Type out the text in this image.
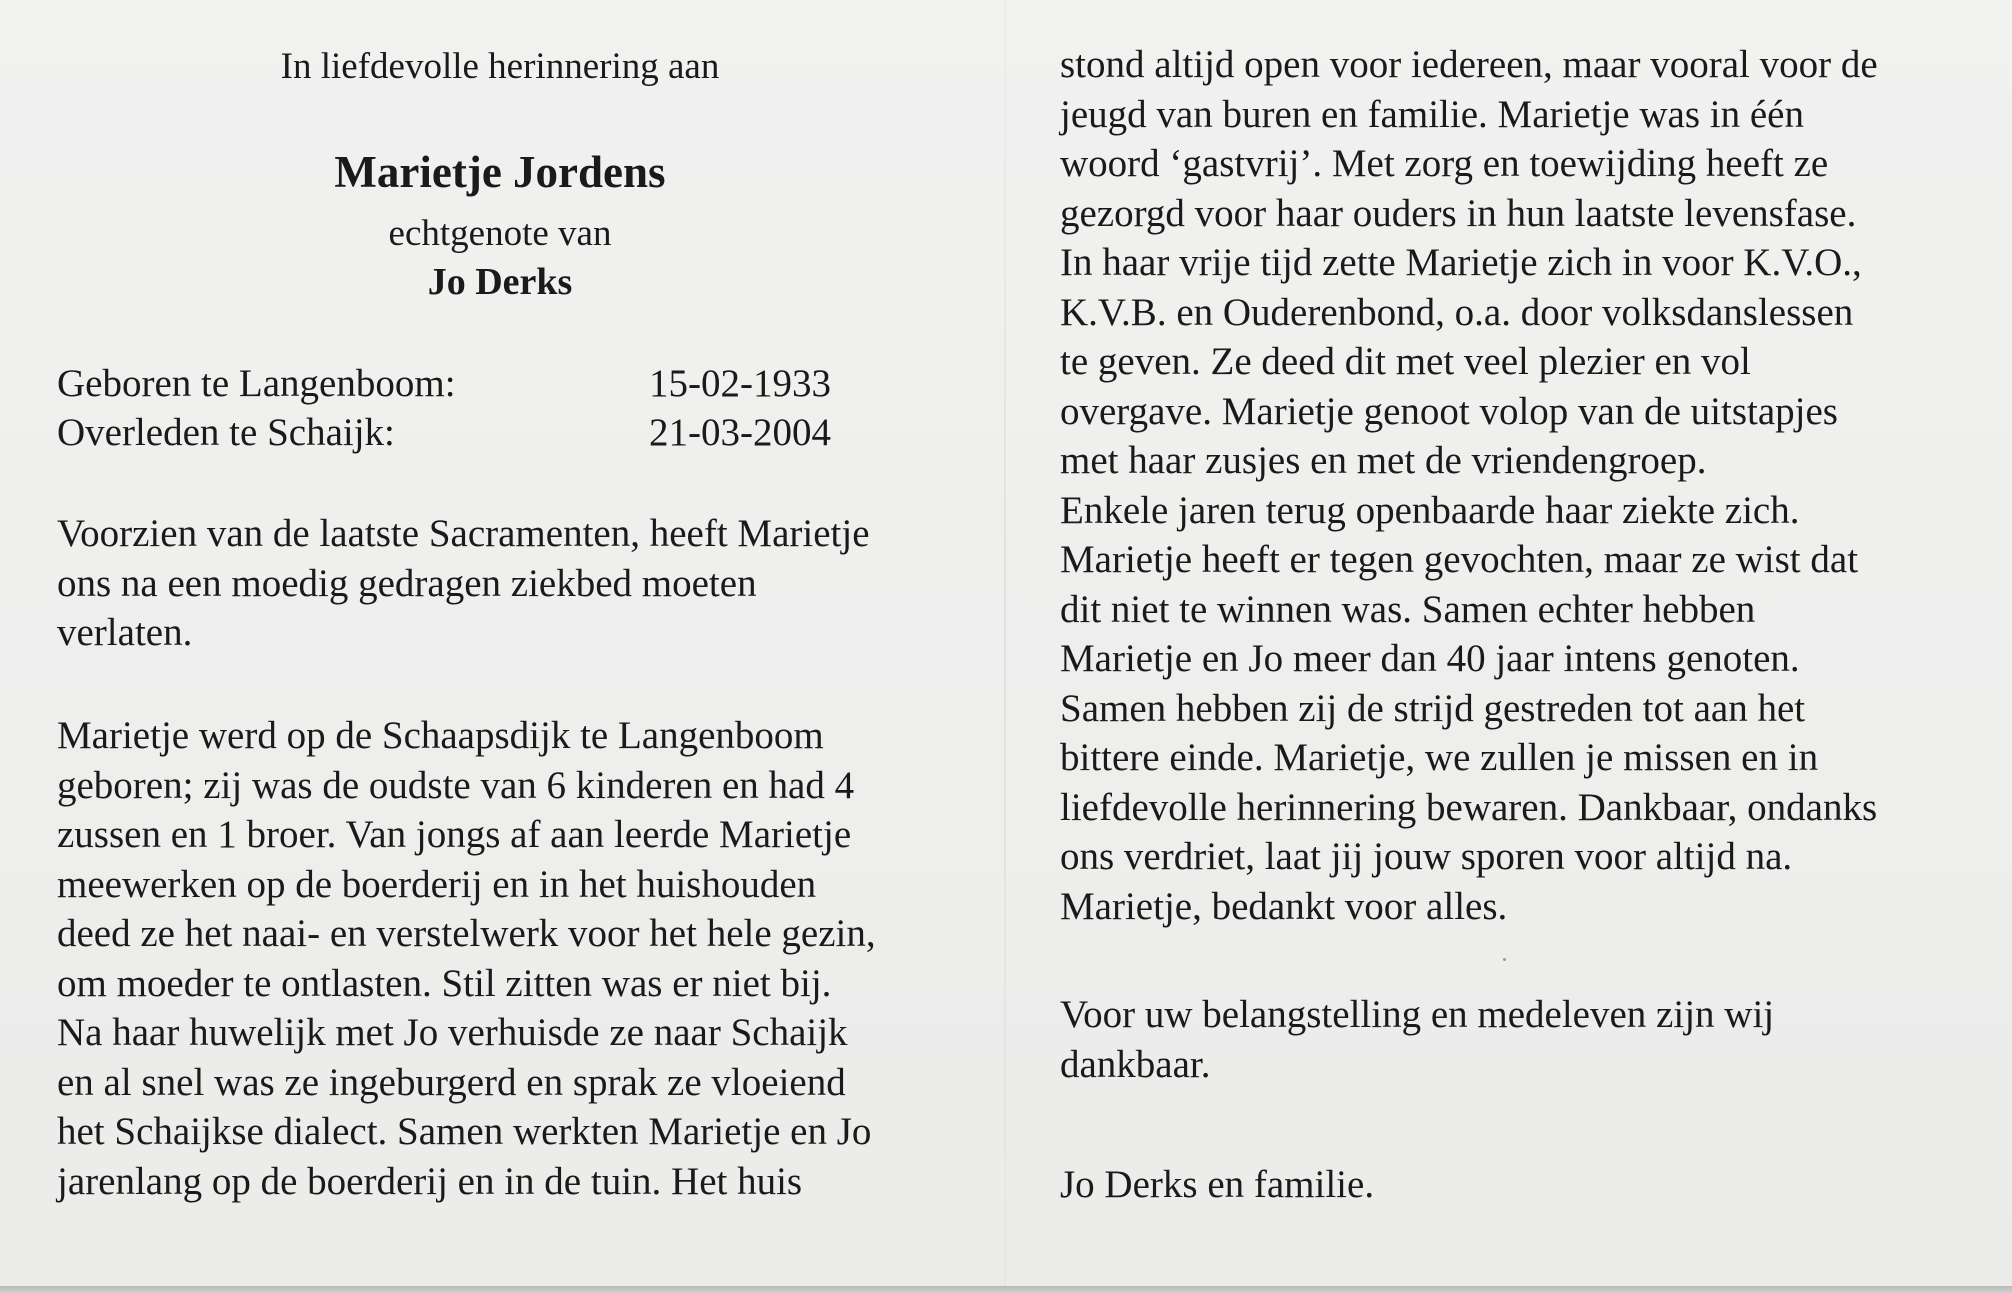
In liefdevolle herinnering aan
Marietje Jordens
echtgenote van
Jo Derks
Geboren te Langenboom:	15-02-1933
Overleden te Schaijk:	21-03-2004
Voorzien van de laatste Sacramenten, heeft Marietje
ons na een moedig gedragen ziekbed moeten
verlaten.
Marietje werd op de Schaapsdijk te Langenboom
geboren; zij was de oudste van 6 kinderen en had 4
zussen en 1 broer. Van jongs af aan leerde Marietje
meewerken op de boerderij en in het huishouden
deed ze het naai- en verstelwerk voor het hele gezin,
om moeder te ontlasten. Stil zitten was er niet bij.
Na haar huwelijk met Jo verhuisde ze naar Schaijk
en al snel was ze ingeburgerd en sprak ze vloeiend
het Schaijkse dialect. Samen werkten Marietje en Jo
jarenlang op de boerderij en in de tuin. Het huis
stond altijd open voor iedereen, maar vooral voor de
jeugd van buren en familie. Marietje was in één
woord ‘gastvrij’. Met zorg en toewijding heeft ze
gezorgd voor haar ouders in hun laatste levensfase.
In haar vrije tijd zette Marietje zich in voor K.V.O.,
K.V.B. en Ouderenbond, o.a. door volksdanslessen
te geven. Ze deed dit met veel plezier en vol
overgave. Marietje genoot volop van de uitstapjes
met haar zusjes en met de vriendengroep.
Enkele jaren terug openbaarde haar ziekte zich.
Marietje heeft er tegen gevochten, maar ze wist dat
dit niet te winnen was. Samen echter hebben
Marietje en Jo meer dan 40 jaar intens genoten.
Samen hebben zij de strijd gestreden tot aan het
bittere einde. Marietje, we zullen je missen en in
liefdevolle herinnering bewaren. Dankbaar, ondanks
ons verdriet, laat jij jouw sporen voor altijd na.
Marietje, bedankt voor alles.
Voor uw belangstelling en medeleven zijn wij
dankbaar.
Jo Derks en familie.
